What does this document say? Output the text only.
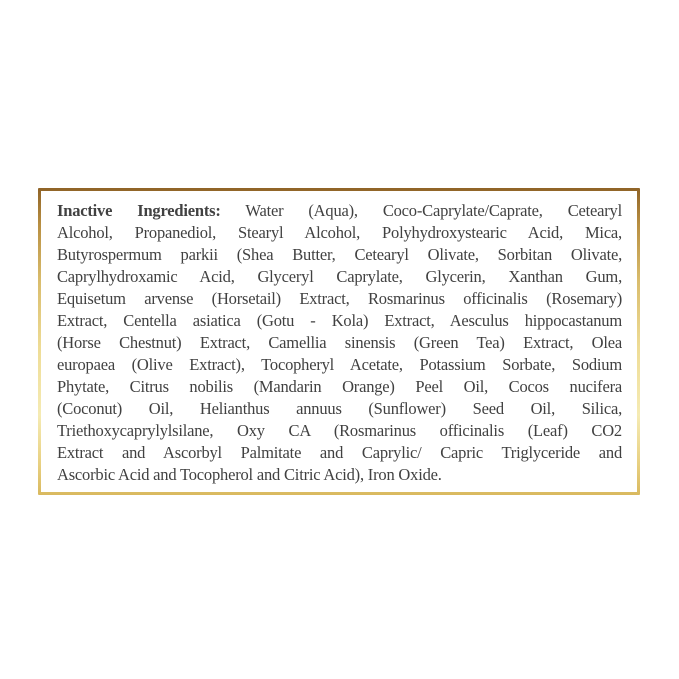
Inactive Ingredients: Water (Aqua), Coco-Caprylate/Caprate, Cetearyl
Alcohol, Propanediol, Stearyl Alcohol, Polyhydroxystearic Acid, Mica,
Butyrospermum parkii (Shea Butter, Cetearyl Olivate, Sorbitan Olivate,
Caprylhydroxamic Acid, Glyceryl Caprylate, Glycerin, Xanthan Gum,
Equisetum arvense (Horsetail) Extract, Rosmarinus officinalis (Rosemary)
Extract, Centella asiatica (Gotu - Kola) Extract, Aesculus hippocastanum
(Horse Chestnut) Extract, Camellia sinensis (Green Tea) Extract, Olea
europaea (Olive Extract), Tocopheryl Acetate, Potassium Sorbate, Sodium
Phytate, Citrus nobilis (Mandarin Orange) Peel Oil, Cocos nucifera
(Coconut) Oil, Helianthus annuus (Sunflower) Seed Oil, Silica,
Triethoxycaprylylsilane, Oxy CA (Rosmarinus officinalis (Leaf) CO2
Extract and Ascorbyl Palmitate and Caprylic/ Capric Triglyceride and
Ascorbic Acid and Tocopherol and Citric Acid), Iron Oxide.
